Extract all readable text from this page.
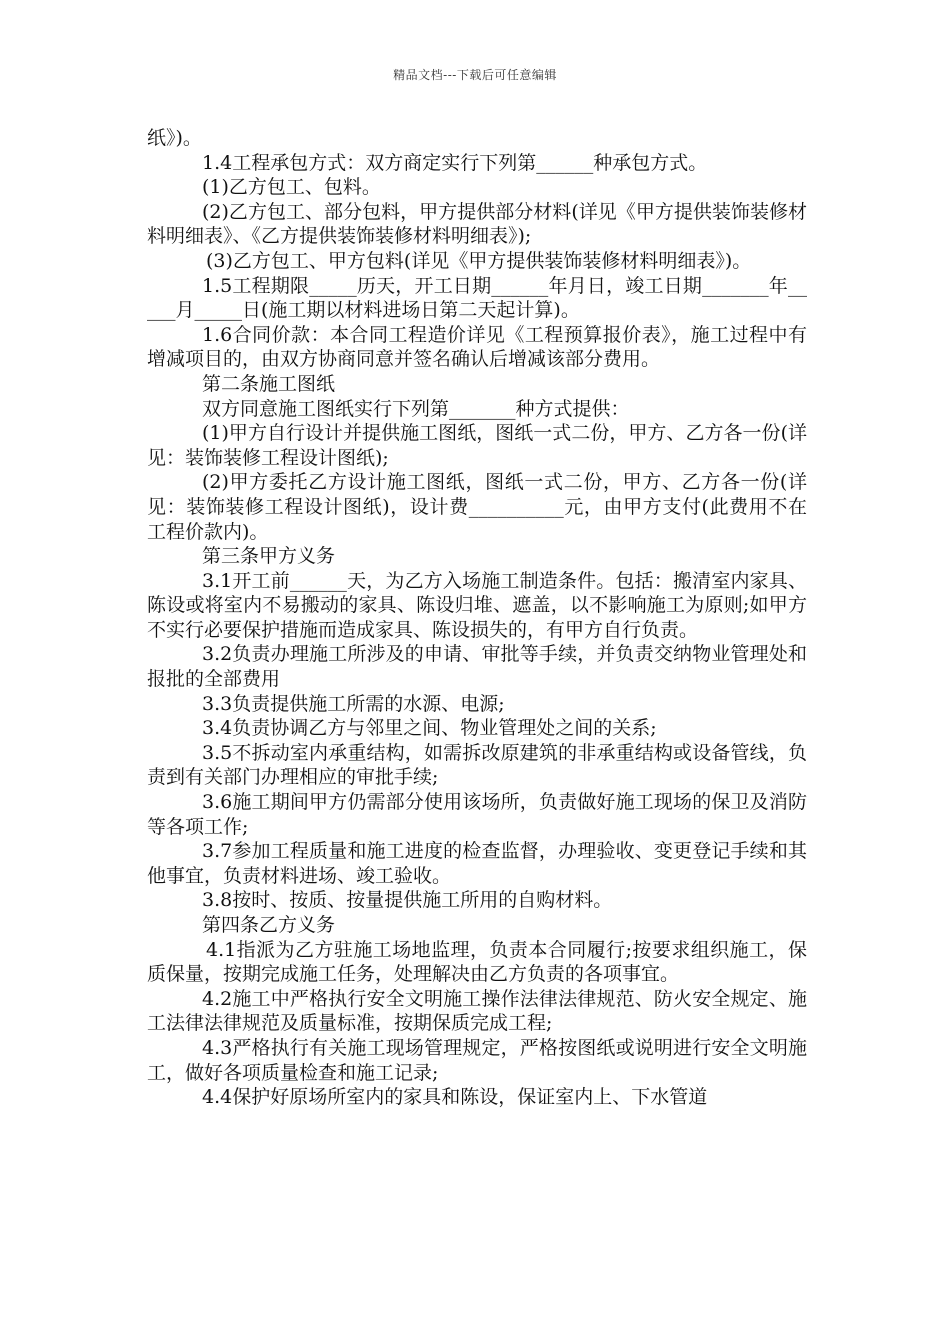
精品文档---下载后可任意编辑

纸》)。

1.4工程承包方式：双方商定实行下列第______种承包方式。

(1)乙方包工、包料。

(2)乙方包工、部分包料，甲方提供部分材料(详见《甲方提供装饰装修材料明细表》、《乙方提供装饰装修材料明细表》);

(3)乙方包工、甲方包料(详见《甲方提供装饰装修材料明细表》)。

1.5工程期限_____历天，开工日期______年月日，竣工日期_______年_____月_____日(施工期以材料进场日第二天起计算)。

1.6合同价款：本合同工程造价详见《工程预算报价表》，施工过程中有增减项目的，由双方协商同意并签名确认后增减该部分费用。

第二条施工图纸

双方同意施工图纸实行下列第_______种方式提供：

(1)甲方自行设计并提供施工图纸，图纸一式二份，甲方、乙方各一份(详见：装饰装修工程设计图纸);

(2)甲方委托乙方设计施工图纸，图纸一式二份，甲方、乙方各一份(详见：装饰装修工程设计图纸)，设计费__________元，由甲方支付(此费用不在工程价款内)。

第三条甲方义务

3.1开工前______天，为乙方入场施工制造条件。包括：搬清室内家具、陈设或将室内不易搬动的家具、陈设归堆、遮盖，以不影响施工为原则;如甲方不实行必要保护措施而造成家具、陈设损失的，有甲方自行负责。

3.2负责办理施工所涉及的申请、审批等手续，并负责交纳物业管理处和报批的全部费用

3.3负责提供施工所需的水源、电源;

3.4负责协调乙方与邻里之间、物业管理处之间的关系;

3.5不拆动室内承重结构，如需拆改原建筑的非承重结构或设备管线，负责到有关部门办理相应的审批手续;

3.6施工期间甲方仍需部分使用该场所，负责做好施工现场的保卫及消防等各项工作;

3.7参加工程质量和施工进度的检查监督，办理验收、变更登记手续和其他事宜，负责材料进场、竣工验收。

3.8按时、按质、按量提供施工所用的自购材料。

第四条乙方义务

4.1指派为乙方驻施工场地监理，负责本合同履行;按要求组织施工，保质保量，按期完成施工任务，处理解决由乙方负责的各项事宜。

4.2施工中严格执行安全文明施工操作法律法律规范、防火安全规定、施工法律法律规范及质量标准，按期保质完成工程;

4.3严格执行有关施工现场管理规定，严格按图纸或说明进行安全文明施工，做好各项质量检查和施工记录;

4.4保护好原场所室内的家具和陈设，保证室内上、下水管道
